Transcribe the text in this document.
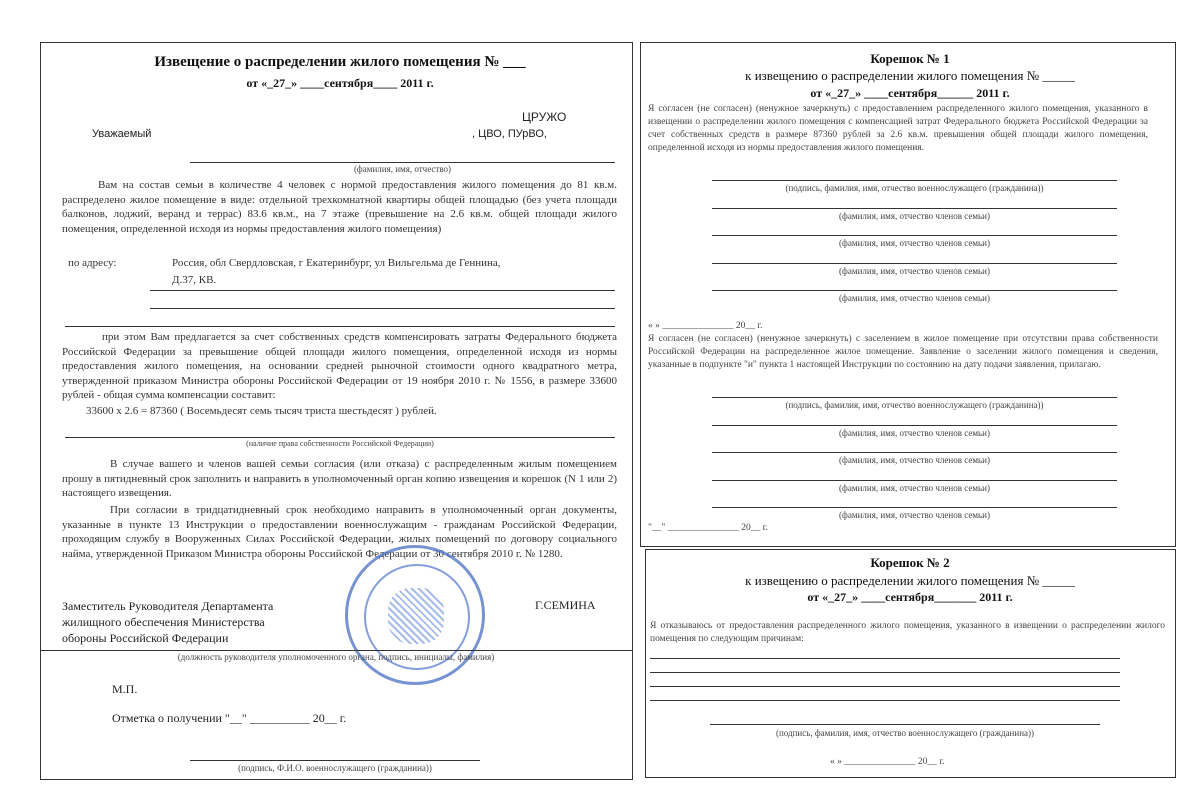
Извещение о распределении жилого помещения № ___
от «_27_» ____сентября____ 2011 г.
ЦРУЖО
Уважаемый	, ЦВО, ПУрВО,
(фамилия, имя, отчество)
Вам на состав семьи в количестве 4 человек с нормой предоставления жилого помещения до 81 кв.м. распределено жилое помещение в виде: отдельной трехкомнатной квартиры общей площадью (без учета площади балконов, лоджий, веранд и террас) 83.6 кв.м., на 7 этаже (превышение на 2.6 кв.м. общей площади жилого помещения, определенной исходя из нормы предоставления жилого помещения)
по адресу:	Россия, обл Свердловская, г Екатеринбург, ул Вильгельма де Геннина,
Д.37, КВ.
при этом Вам предлагается за счет собственных средств компенсировать затраты Федерального бюджета Российской Федерации за превышение общей площади жилого помещения, определенной исходя из нормы предоставления жилого помещения, на основании средней рыночной стоимости одного квадратного метра, утвержденной приказом Министра обороны Российской Федерации от 19 ноября 2010 г. № 1556, в размере 33600 рублей - общая сумма компенсации составит:
33600 x 2.6 = 87360 ( Восемьдесят семь тысяч триста шестьдесят ) рублей.
(наличие права собственности Российской Федерации)
В случае вашего и членов вашей семьи согласия (или отказа) с распределенным жилым помещением прошу в пятидневный срок заполнить и направить в уполномоченный орган копию извещения и корешок (N 1 или 2) настоящего извещения.
При согласии в тридцатидневный срок необходимо направить в уполномоченный орган документы, указанные в пункте 13 Инструкции о предоставлении военнослужащим - гражданам Российской Федерации, проходящим службу в Вооруженных Силах Российской Федерации, жилых помещений по договору социального найма, утвержденной Приказом Министра обороны Российской Федерации от 30 сентября 2010 г. № 1280.
Заместитель Руководителя Департамента
жилищного обеспечения Министерства
обороны Российской Федерации
Г.СЕМИНА
(должность руководителя уполномоченного органа, подпись, инициалы, фамилия)
М.П.
Отметка о получении "__" __________ 20__ г.
(подпись, Ф.И.О. военнослужащего (гражданина))
Корешок № 1
к извещению о распределении жилого помещения № _____
от «_27_» ____сентября______ 2011 г.
Я согласен (не согласен) (ненужное зачеркнуть) с предоставлением распределенного жилого помещения, указанного в извещении о распределении жилого помещения с компенсацией затрат Федерального бюджета Российской Федерации за счет собственных средств в размере 87360 рублей за 2.6 кв.м. превышения общей площади жилого помещения, определенной исходя из нормы предоставления жилого помещения.
(подпись, фамилия, имя, отчество военнослужащего (гражданина))
(фамилия, имя, отчество членов семьи)
(фамилия, имя, отчество членов семьи)
(фамилия, имя, отчество членов семьи)
(фамилия, имя, отчество членов семьи)
« » _______________ 20__ г.
Я согласен (не согласен) (ненужное зачеркнуть) с заселением в жилое помещение при отсутствии права собственности Российской Федерации на распределенное жилое помещение. Заявление о заселении жилого помещения и сведения, указанные в подпункте "и" пункта 1 настоящей Инструкции по состоянию на дату подачи заявления, прилагаю.
(подпись, фамилия, имя, отчество военнослужащего (гражданина))
(фамилия, имя, отчество членов семьи)
(фамилия, имя, отчество членов семьи)
(фамилия, имя, отчество членов семьи)
(фамилия, имя, отчество членов семьи)
"__" _______________ 20__ г.
Корешок № 2
к извещению о распределении жилого помещения № _____
от «_27_» ____сентября_______ 2011 г.
Я отказываюсь от предоставления распределенного жилого помещения, указанного в извещении о распределении жилого помещения по следующим причинам:
(подпись, фамилия, имя, отчество военнослужащего (гражданина))
« » _______________ 20__ г.
